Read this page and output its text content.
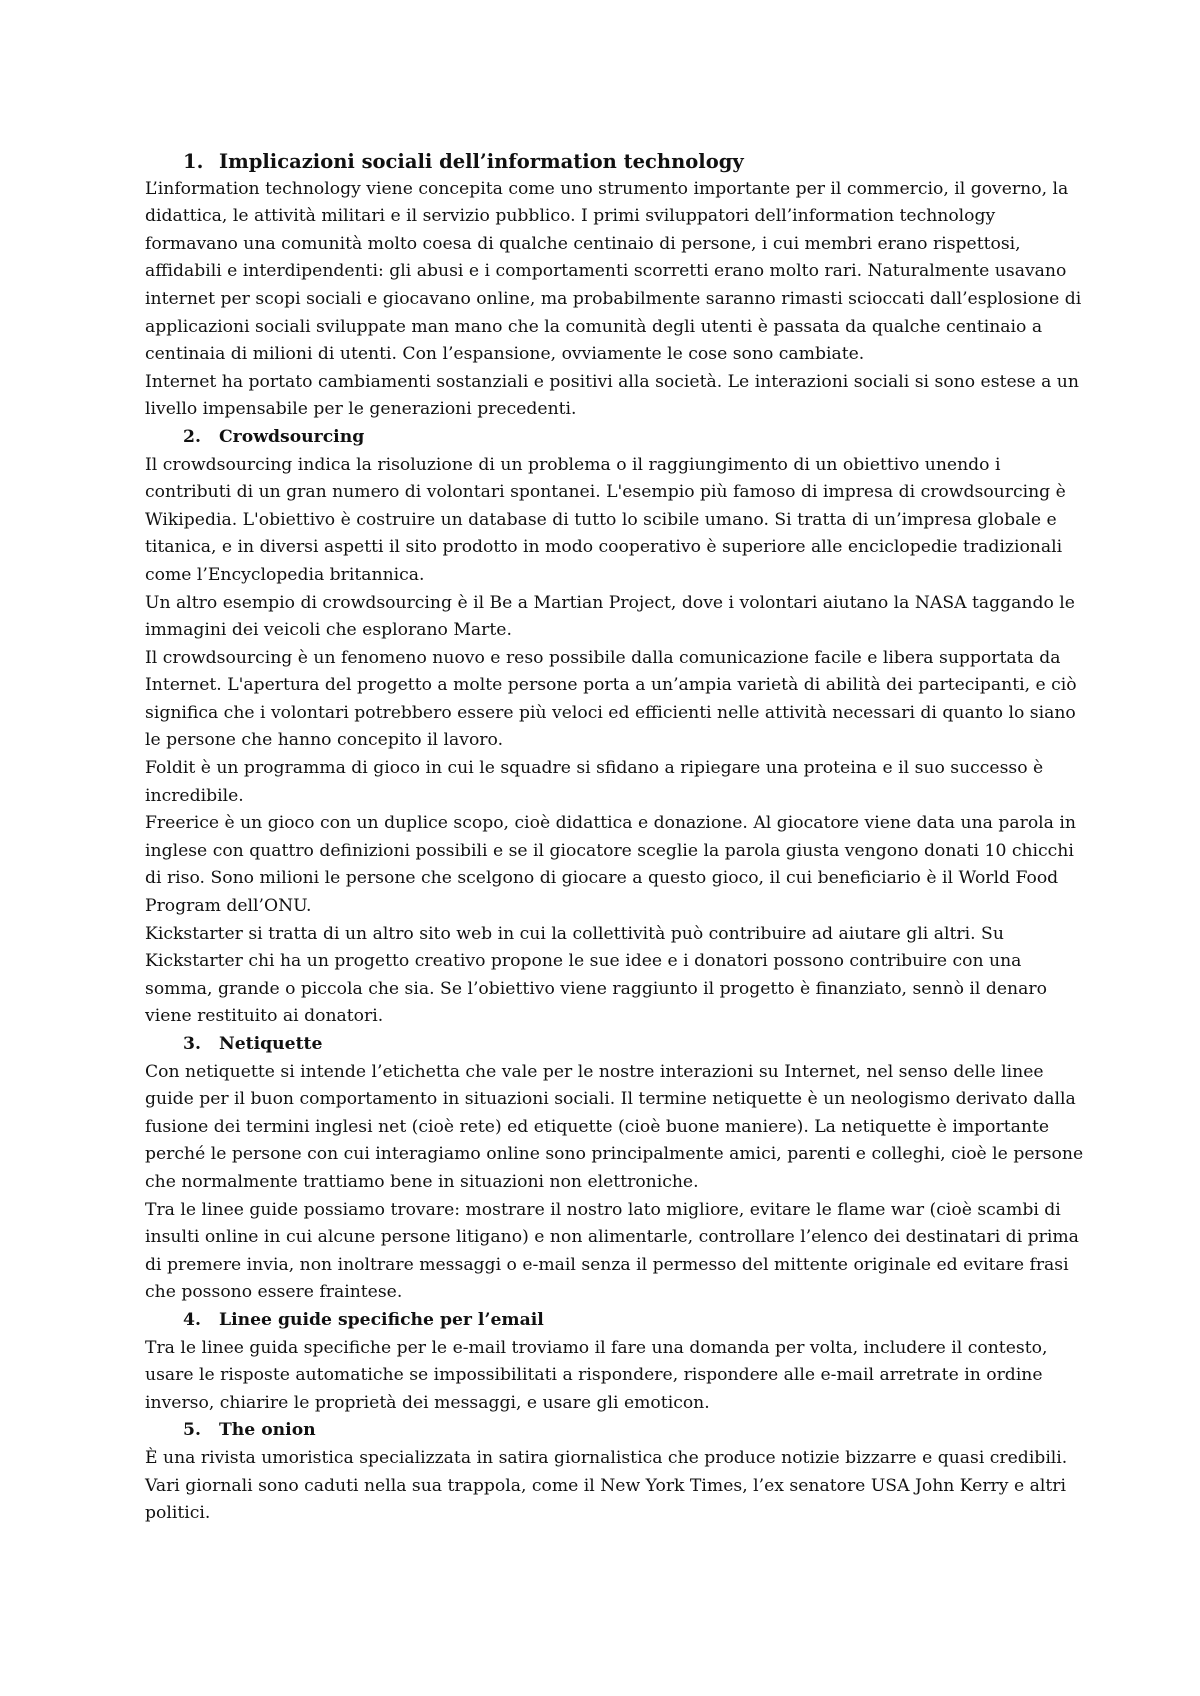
1. Implicazioni sociali dell’information technology

L’information technology viene concepita come uno strumento importante per il commercio, il governo, la didattica, le attività militari e il servizio pubblico. I primi sviluppatori dell’information technology formavano una comunità molto coesa di qualche centinaio di persone, i cui membri erano rispettosi, affidabili e interdipendenti: gli abusi e i comportamenti scorretti erano molto rari. Naturalmente usavano internet per scopi sociali e giocavano online, ma probabilmente saranno rimasti scioccati dall’esplosione di applicazioni sociali sviluppate man mano che la comunità degli utenti è passata da qualche centinaio a centinaia di milioni di utenti. Con l’espansione, ovviamente le cose sono cambiate.

Internet ha portato cambiamenti sostanziali e positivi alla società. Le interazioni sociali si sono estese a un livello impensabile per le generazioni precedenti.

2.	Crowdsourcing

Il crowdsourcing indica la risoluzione di un problema o il raggiungimento di un obiettivo unendo i contributi di un gran numero di volontari spontanei. L'esempio più famoso di impresa di crowdsourcing è Wikipedia. L'obiettivo è costruire un database di tutto lo scibile umano. Si tratta di un’impresa globale e titanica, e in diversi aspetti il sito prodotto in modo cooperativo è superiore alle enciclopedie tradizionali come l’Encyclopedia britannica.

Un altro esempio di crowdsourcing è il Be a Martian Project, dove i volontari aiutano la NASA taggando le immagini dei veicoli che esplorano Marte.

Il crowdsourcing è un fenomeno nuovo e reso possibile dalla comunicazione facile e libera supportata da Internet. L'apertura del progetto a molte persone porta a un’ampia varietà di abilità dei partecipanti, e ciò significa che i volontari potrebbero essere più veloci ed efficienti nelle attività necessari di quanto lo siano le persone che hanno concepito il lavoro.

Foldit è un programma di gioco in cui le squadre si sfidano a ripiegare una proteina e il suo successo è incredibile.

Freerice è un gioco con un duplice scopo, cioè didattica e donazione. Al giocatore viene data una parola in inglese con quattro definizioni possibili e se il giocatore sceglie la parola giusta vengono donati 10 chicchi di riso. Sono milioni le persone che scelgono di giocare a questo gioco, il cui beneficiario è il World Food Program dell’ONU.

Kickstarter si tratta di un altro sito web in cui la collettività può contribuire ad aiutare gli altri. Su Kickstarter chi ha un progetto creativo propone le sue idee e i donatori possono contribuire con una somma, grande o piccola che sia. Se l’obiettivo viene raggiunto il progetto è finanziato, sennò il denaro viene restituito ai donatori.

3.	Netiquette

Con netiquette si intende l’etichetta che vale per le nostre interazioni su Internet, nel senso delle linee guide per il buon comportamento in situazioni sociali. Il termine netiquette è un neologismo derivato dalla fusione dei termini inglesi net (cioè rete) ed etiquette (cioè buone maniere). La netiquette è importante perché le persone con cui interagiamo online sono principalmente amici, parenti e colleghi, cioè le persone che normalmente trattiamo bene in situazioni non elettroniche.

Tra le linee guide possiamo trovare: mostrare il nostro lato migliore, evitare le flame war (cioè scambi di insulti online in cui alcune persone litigano) e non alimentarle, controllare l’elenco dei destinatari di prima di premere invia, non inoltrare messaggi o e-mail senza il permesso del mittente originale ed evitare frasi che possono essere fraintese.

4.	Linee guide specifiche per l’email

Tra le linee guida specifiche per le e-mail troviamo il fare una domanda per volta, includere il contesto, usare le risposte automatiche se impossibilitati a rispondere, rispondere alle e-mail arretrate in ordine inverso, chiarire le proprietà dei messaggi, e usare gli emoticon.

5.	The onion

È una rivista umoristica specializzata in satira giornalistica che produce notizie bizzarre e quasi credibili. Vari giornali sono caduti nella sua trappola, come il New York Times, l’ex senatore USA John Kerry e altri politici.
